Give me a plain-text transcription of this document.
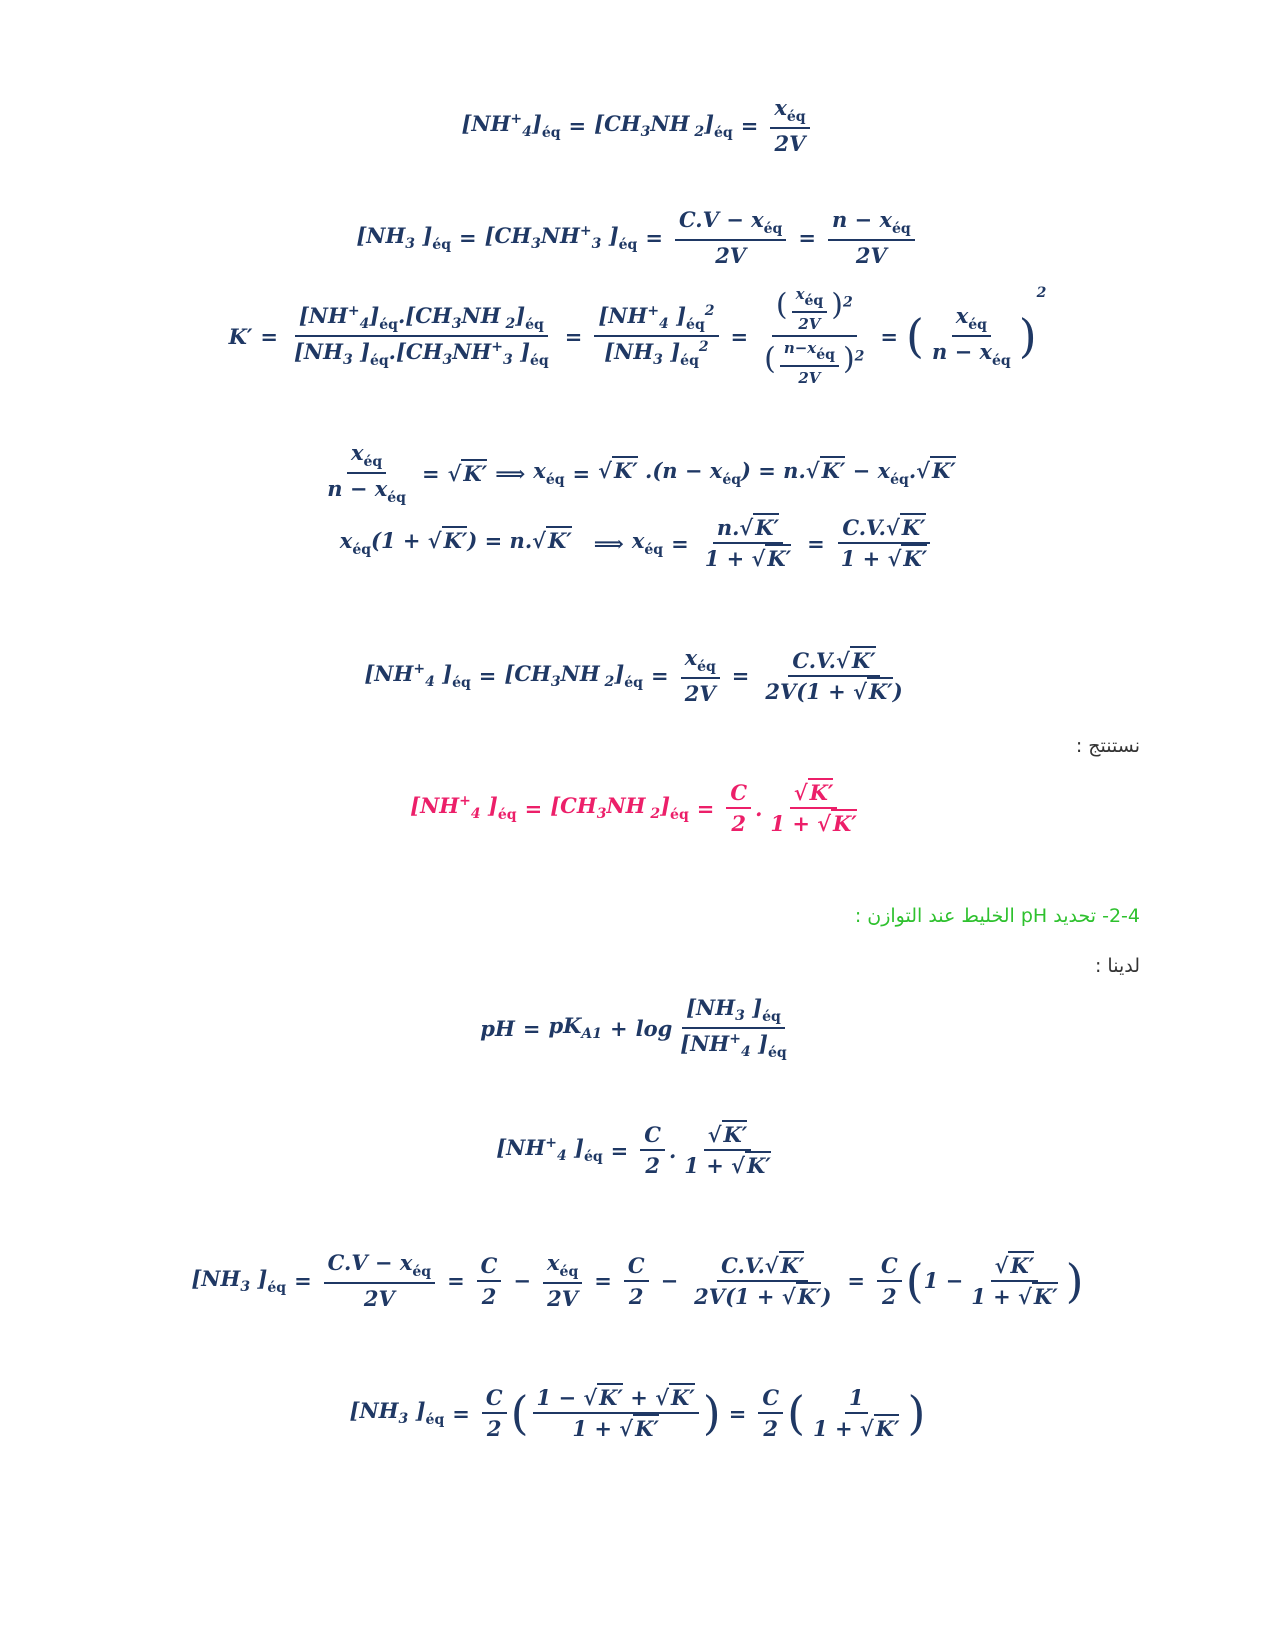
$[NH^+_4]_{éq} = [CH_3NH$ $_2]_{éq} = \frac{x_{éq}}{2V}$
[$NH_3$ ]$_{éq} = [CH_3NH^+_3$ ]$_{éq} = \frac{C.V - x_{éq}}{2V} = \frac{n - x_{éq}}{2V}$
$K' = \frac{[NH^+_4]_{éq}.[CH_3NH _2]_{éq}}{[NH_3 ]_{éq}.[CH_3NH^+_3 ]_{éq}} = \frac{[NH^+_4 ]_{éq}^2}{[NH_3 ]_{éq}^2} = \frac{( \frac{\text{xéq}}{2V} )^2}{( \frac{\text{n−xéq}}{2V} )^2}$ = ( $\frac{x_{éq}}{n - x_{éq}}$ )
2
$\frac{x_{éq}}{n - x_{éq}} = √K'$ ⟹ $x_{éq} = √K'$ $.(n - x_{éq}) = n.√K' - x_{éq}.√K'$
$x_{éq}(1 + √K') = n.√K'$ ⟹ $x_{éq} = \frac{n.√K'}{1 + √K'} = \frac{C.V.√K'}{1 + √K'}$
[$NH^+_4$ ]$_{éq} = [CH_3NH$ $_2]_{éq} = \frac{x_{éq}}{2V} = \frac{C.V.√K'}{2V(1 + √K')}$
نستنتج :
[$NH^+_4$ ]$_{éq} = [CH_3NH$ $_2]_{éq} = \frac{C}{2}$ . $\frac{√K'}{1 + √K'}$
2-4- تحديد pH الخليط عند التوازن :
لدينا :
pH = $pK_{A1} + \log \frac{[NH_3 ]_{éq}}{[NH^+_4 ]_{éq}}$
[$NH^+_4$ ]$_{éq} = \frac{C}{2}$ . $\frac{√K'}{1 + √K'}$
[$NH_3$ ]$_{éq} = \frac{C.V - x_{éq}}{2V} = \frac{C}{2} - \frac{x_{éq}}{2V} = \frac{C}{2} - \frac{C.V.√K'}{2V(1 + √K')} = \frac{C}{2}$ ( $1 - \frac{√K'}{1 + √K'}$ )
[$NH_3$ ]$_{éq} = \frac{C}{2}$ ( $\frac{1 - √K' + √K'}{1 + √K'}$ ) = $\frac{C}{2}$ ( $\frac{1}{1 + √K'}$ )
